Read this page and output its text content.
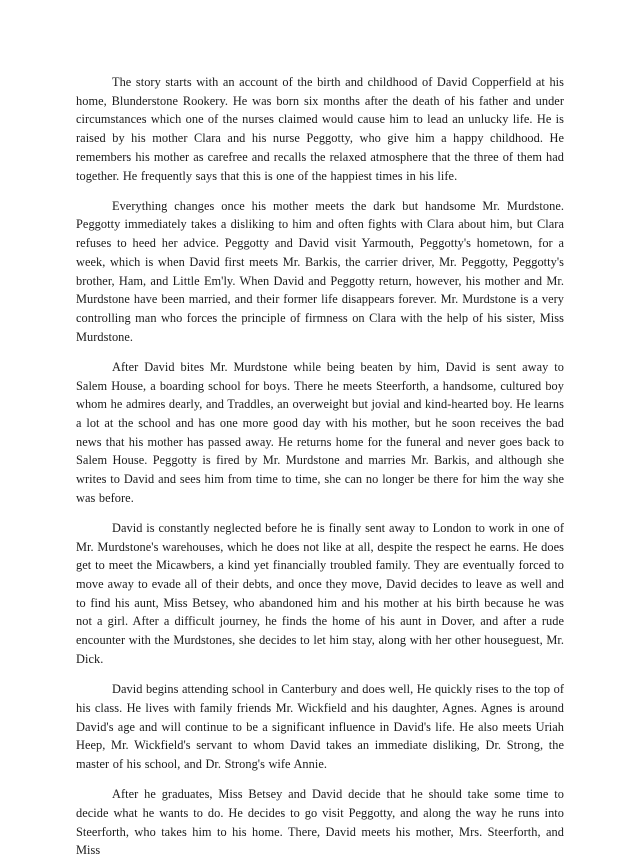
The story starts with an account of the birth and childhood of David Copperfield at his home, Blunderstone Rookery. He was born six months after the death of his father and under circumstances which one of the nurses claimed would cause him to lead an unlucky life. He is raised by his mother Clara and his nurse Peggotty, who give him a happy childhood. He remembers his mother as carefree and recalls the relaxed atmosphere that the three of them had together. He frequently says that this is one of the happiest times in his life.

Everything changes once his mother meets the dark but handsome Mr. Murdstone. Peggotty immediately takes a disliking to him and often fights with Clara about him, but Clara refuses to heed her advice. Peggotty and David visit Yarmouth, Peggotty's hometown, for a week, which is when David first meets Mr. Barkis, the carrier driver, Mr. Peggotty, Peggotty's brother, Ham, and Little Em'ly. When David and Peggotty return, however, his mother and Mr. Murdstone have been married, and their former life disappears forever. Mr. Murdstone is a very controlling man who forces the principle of firmness on Clara with the help of his sister, Miss Murdstone.

After David bites Mr. Murdstone while being beaten by him, David is sent away to Salem House, a boarding school for boys. There he meets Steerforth, a handsome, cultured boy whom he admires dearly, and Traddles, an overweight but jovial and kind-hearted boy. He learns a lot at the school and has one more good day with his mother, but he soon receives the bad news that his mother has passed away. He returns home for the funeral and never goes back to Salem House. Peggotty is fired by Mr. Murdstone and marries Mr. Barkis, and although she writes to David and sees him from time to time, she can no longer be there for him the way she was before.

David is constantly neglected before he is finally sent away to London to work in one of Mr. Murdstone's warehouses, which he does not like at all, despite the respect he earns. He does get to meet the Micawbers, a kind yet financially troubled family. They are eventually forced to move away to evade all of their debts, and once they move, David decides to leave as well and to find his aunt, Miss Betsey, who abandoned him and his mother at his birth because he was not a girl. After a difficult journey, he finds the home of his aunt in Dover, and after a rude encounter with the Murdstones, she decides to let him stay, along with her other houseguest, Mr. Dick.

David begins attending school in Canterbury and does well, He quickly rises to the top of his class. He lives with family friends Mr. Wickfield and his daughter, Agnes. Agnes is around David's age and will continue to be a significant influence in David's life. He also meets Uriah Heep, Mr. Wickfield's servant to whom David takes an immediate disliking, Dr. Strong, the master of his school, and Dr. Strong's wife Annie.

After he graduates, Miss Betsey and David decide that he should take some time to decide what he wants to do. He decides to go visit Peggotty, and along the way he runs into Steerforth, who takes him to his home. There, David meets his mother, Mrs. Steerforth, and Miss
